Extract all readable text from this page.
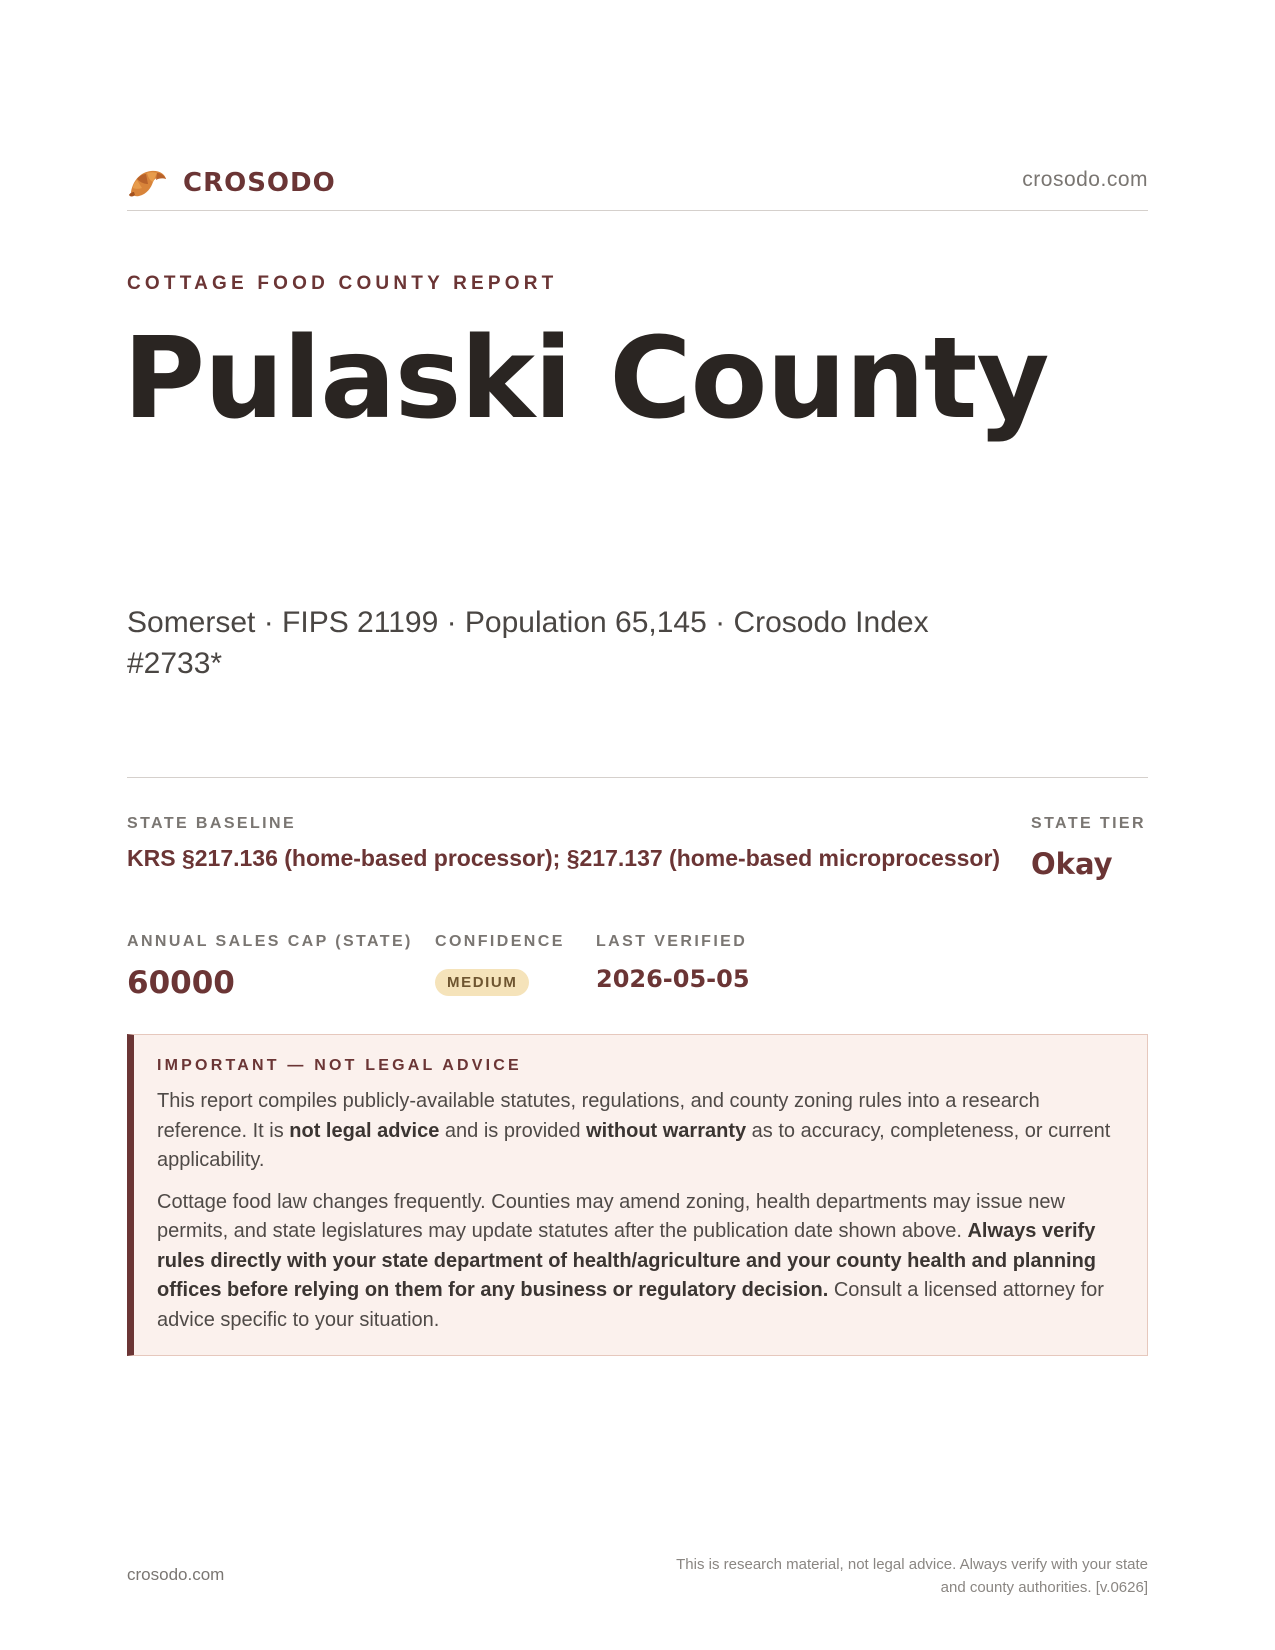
CROSODO	crosodo.com
COTTAGE FOOD COUNTY REPORT
Pulaski County
Somerset · FIPS 21199 · Population 65,145 · Crosodo Index #2733*
STATE BASELINE
KRS §217.136 (home-based processor); §217.137 (home-based microprocessor)
STATE TIER
Okay
ANNUAL SALES CAP (STATE)
60000
CONFIDENCE
MEDIUM
LAST VERIFIED
2026-05-05
IMPORTANT — NOT LEGAL ADVICE

This report compiles publicly-available statutes, regulations, and county zoning rules into a research reference. It is not legal advice and is provided without warranty as to accuracy, completeness, or current applicability.

Cottage food law changes frequently. Counties may amend zoning, health departments may issue new permits, and state legislatures may update statutes after the publication date shown above. Always verify rules directly with your state department of health/agriculture and your county health and planning offices before relying on them for any business or regulatory decision. Consult a licensed attorney for advice specific to your situation.

crosodo.com
This is research material, not legal advice. Always verify with your state
and county authorities. [v.0626]
